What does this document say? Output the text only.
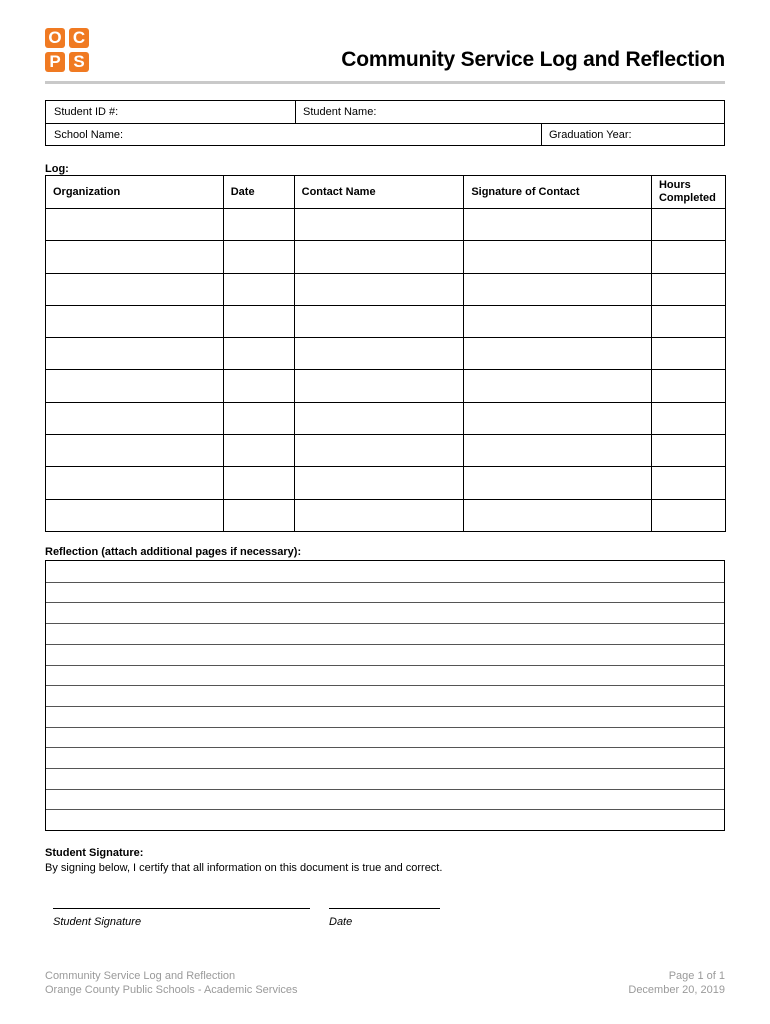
O C
P S	Community Service Log and Reflection
Student ID #:	Student Name:
School Name:	Graduation Year:
Log:
Organization	Date	Contact Name	Signature of Contact	Hours
Completed

Reflection (attach additional pages if necessary):
Student Signature:
By signing below, I certify that all information on this document is true and correct.
Student Signature	Date
Community Service Log and Reflection
Orange County Public Schools - Academic Services
Page 1 of 1
December 20, 2019
